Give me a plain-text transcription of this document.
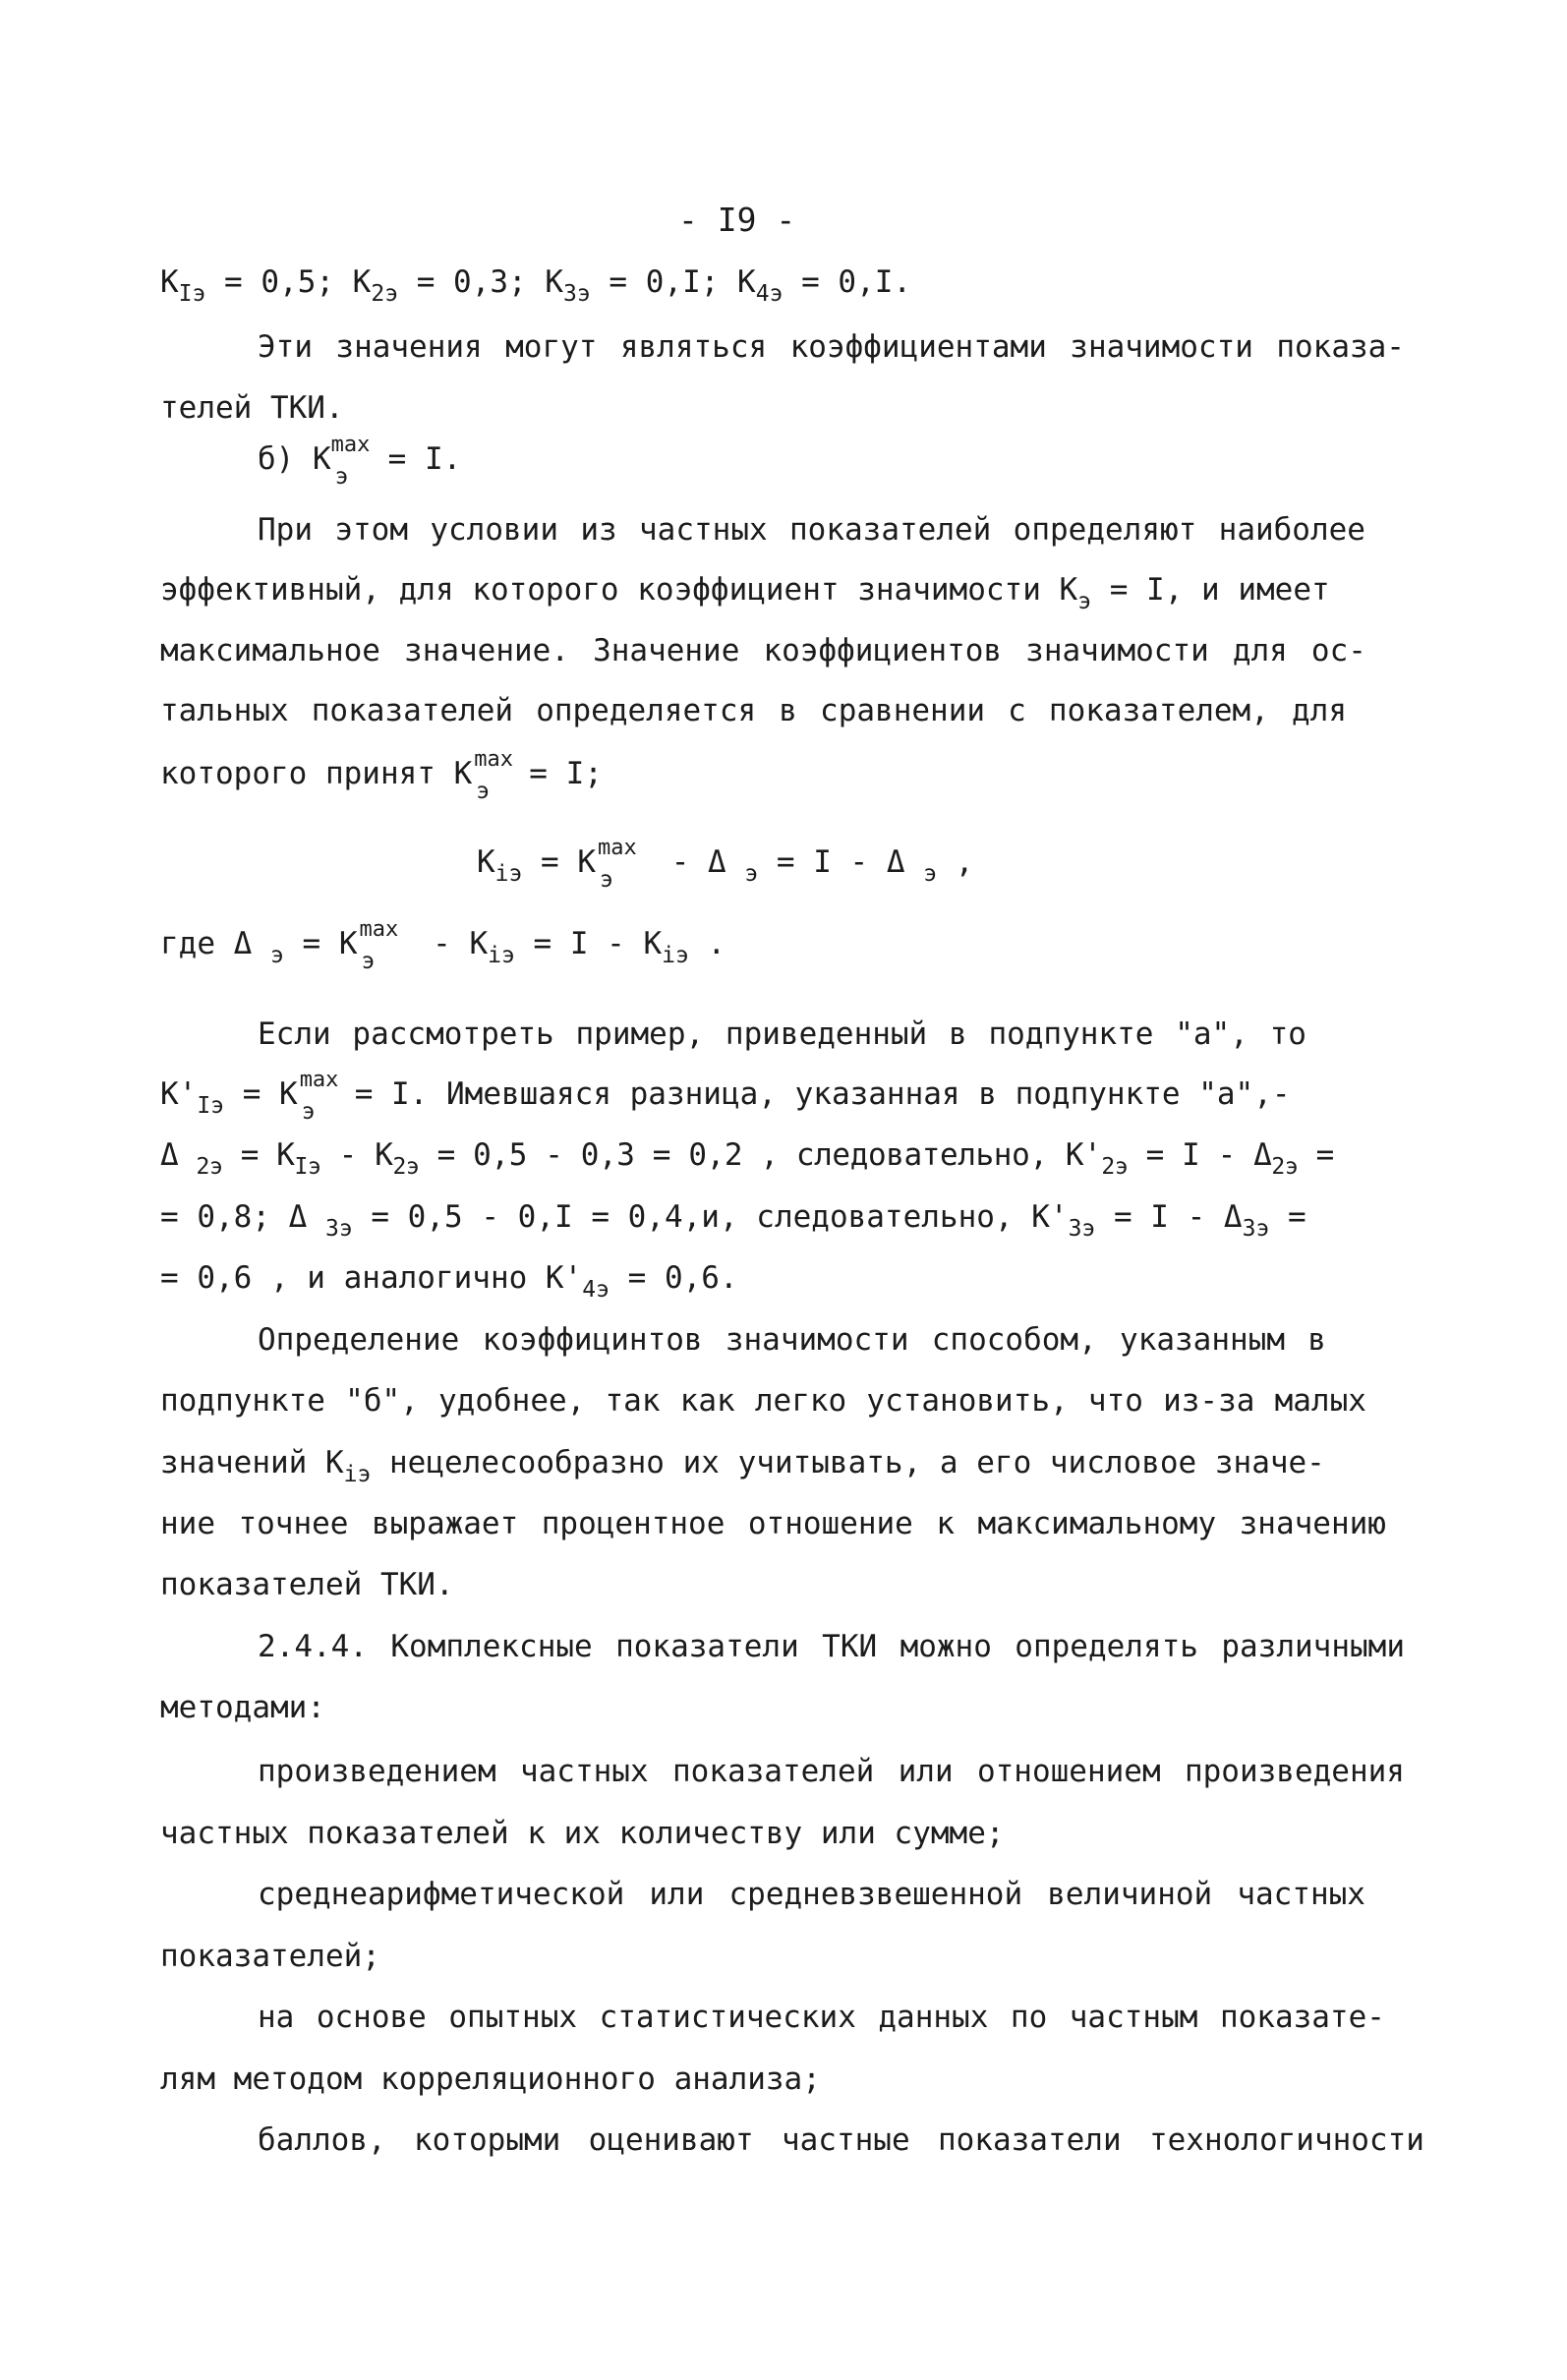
- I9 -
$К_{Iэ} = 0,5$; $К_{2э} = 0,3$; $К_{3э} = 0,I$; $К_{4э} = 0,I$.
Эти значения могут являться коэффициентами значимости показа-
телей ТКИ.
б) К max
э = I.
При этом условии из частных показателей определяют наиболее
эффективный, для которого коэффициент значимости $К_э = I$, и имеет
максимальное значение. Значение коэффициентов значимости для ос-
тальных показателей определяется в сравнении с показателем, для
которого принят К max
э = I;
$К_{iэ} = К$ max
э - Δ $_э$ = I - Δ $_э$ ,
где Δ $_э$ = К max
$э - К_{iэ} = I - К_{iэ}$ .
Если рассмотреть пример, приведенный в подпункте "а", то
$К'_{Iэ} = К$ max
э = I. Имевшаяся разница, указанная в подпункте "а",-
Δ $_{2э} = К_{Iэ} - К_{2э} = 0,5 - 0,3 = 0,2$ , следовательно, $К'_{2э} = I - \Delta_{2э}$ =
= 0,8; Δ $_{3э}$ = 0,5 - 0,I = 0,4,и, следовательно, $К'_{3э} = I - \Delta_{3э}$ =
= 0,6 , и аналогично $К'_{4э} = 0,6$.
Определение коэффицинтов значимости способом, указанным в
подпункте "б", удобнее, так как легко установить, что из-за малых
значений $К_{iэ}$ нецелесообразно их учитывать, а его числовое значе-
ние точнее выражает процентное отношение к максимальному значению
показателей ТКИ.
2.4.4. Комплексные показатели ТКИ можно определять различными
методами:
произведением частных показателей или отношением произведения
частных показателей к их количеству или сумме;
среднеарифметической или средневзвешенной величиной частных
показателей;
на основе опытных статистических данных по частным показате-
лям методом корреляционного анализа;
баллов, которыми оценивают частные показатели технологичности
